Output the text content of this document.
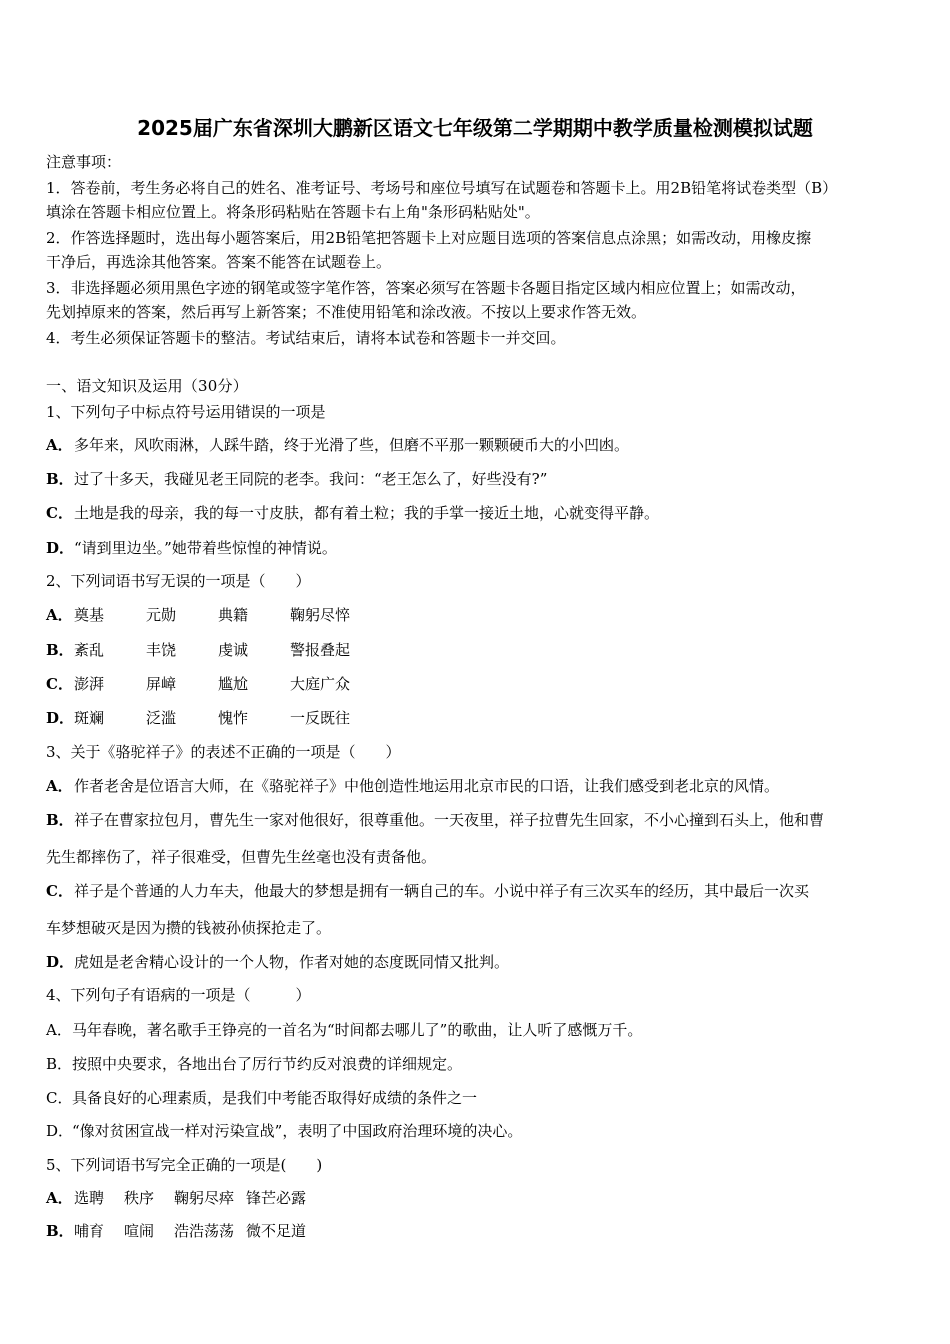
2025届广东省深圳大鹏新区语文七年级第二学期期中教学质量检测模拟试题
注意事项：
1．答卷前，考生务必将自己的姓名、准考证号、考场号和座位号填写在试题卷和答题卡上。用2B铅笔将试卷类型（B）
填涂在答题卡相应位置上。将条形码粘贴在答题卡右上角"条形码粘贴处"。
2．作答选择题时，选出每小题答案后，用2B铅笔把答题卡上对应题目选项的答案信息点涂黑；如需改动，用橡皮擦
干净后，再选涂其他答案。答案不能答在试题卷上。
3．非选择题必须用黑色字迹的钢笔或签字笔作答，答案必须写在答题卡各题目指定区域内相应位置上；如需改动，
先划掉原来的答案，然后再写上新答案；不准使用铅笔和涂改液。不按以上要求作答无效。
4．考生必须保证答题卡的整洁。考试结束后，请将本试卷和答题卡一并交回。
一、语文知识及运用（30分）
1、下列句子中标点符号运用错误的一项是
A．多年来，风吹雨淋，人踩牛踏，终于光滑了些，但磨不平那一颗颗硬币大的小凹凼。
B．过了十多天，我碰见老王同院的老李。我问：“老王怎么了，好些没有?”
C．土地是我的母亲，我的每一寸皮肤，都有着土粒；我的手掌一接近土地，心就变得平静。
D．“请到里边坐。”她带着些惊惶的神情说。
2、下列词语书写无误的一项是（　　）
A．奠基	元勋	典籍	鞠躬尽悴
B．紊乱	丰饶	虔诚	警报叠起
C．澎湃	屏嶂	尴尬	大庭广众
D．斑斓	泛滥	愧怍	一反既往
3、关于《骆驼祥子》的表述不正确的一项是（　　）
A．作者老舍是位语言大师，在《骆驼祥子》中他创造性地运用北京市民的口语，让我们感受到老北京的风情。
B．祥子在曹家拉包月，曹先生一家对他很好，很尊重他。一天夜里，祥子拉曹先生回家，不小心撞到石头上，他和曹
先生都摔伤了，祥子很难受，但曹先生丝毫也没有责备他。
C．祥子是个普通的人力车夫，他最大的梦想是拥有一辆自己的车。小说中祥子有三次买车的经历，其中最后一次买
车梦想破灭是因为攒的钱被孙侦探抢走了。
D．虎妞是老舍精心设计的一个人物，作者对她的态度既同情又批判。
4、下列句子有语病的一项是（　　　）
A．马年春晚，著名歌手王铮亮的一首名为“时间都去哪儿了”的歌曲，让人听了感慨万千。
B．按照中央要求，各地出台了厉行节约反对浪费的详细规定。
C．具备良好的心理素质，是我们中考能否取得好成绩的条件之一
D．“像对贫困宣战一样对污染宣战”，表明了中国政府治理环境的决心。
5、下列词语书写完全正确的一项是(　　)
A．选聘 秩序 鞠躬尽瘁 锋芒必露
B．哺育 喧闹 浩浩荡荡 微不足道
